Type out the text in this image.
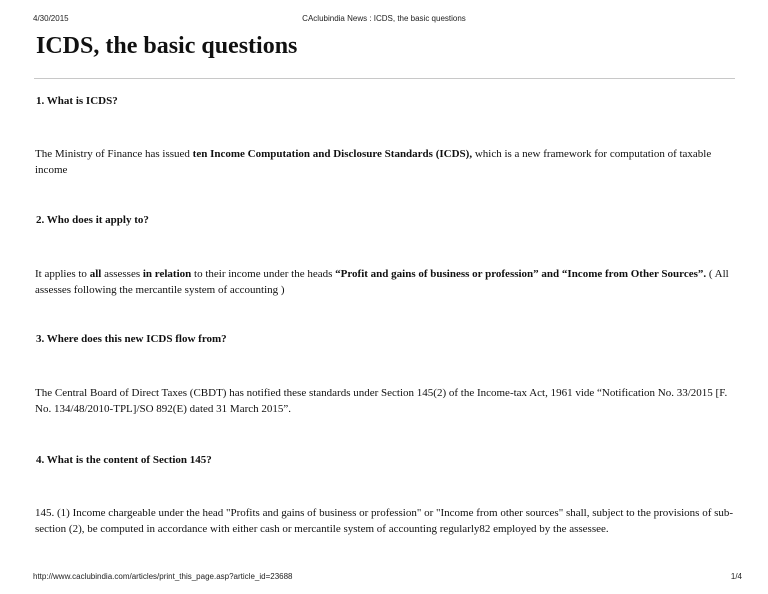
4/30/2015	CAclubindia News : ICDS, the basic questions
ICDS, the basic questions

1. What is ICDS?

The Ministry of Finance has issued ten Income Computation and Disclosure Standards (ICDS), which is a new framework for computation of taxable income

2. Who does it apply to?

It applies to all assesses in relation to their income under the heads “Profit and gains of business or profession” and “Income from Other Sources”. ( All assesses following the mercantile system of accounting )

3. Where does this new ICDS flow from?

The Central Board of Direct Taxes (CBDT) has notified these standards under Section 145(2) of the Income-tax Act, 1961 vide “Notification No. 33/2015 [F. No. 134/48/2010-TPL]/SO 892(E) dated 31 March 2015”.

4. What is the content of Section 145?

145. (1) Income chargeable under the head "Profits and gains of business or profession" or "Income from other sources" shall, subject to the provisions of sub-section (2), be computed in accordance with either cash or mercantile system of accounting regularly82 employed by the assessee.

http://www.caclubindia.com/articles/print_this_page.asp?article_id=23688	1/4
